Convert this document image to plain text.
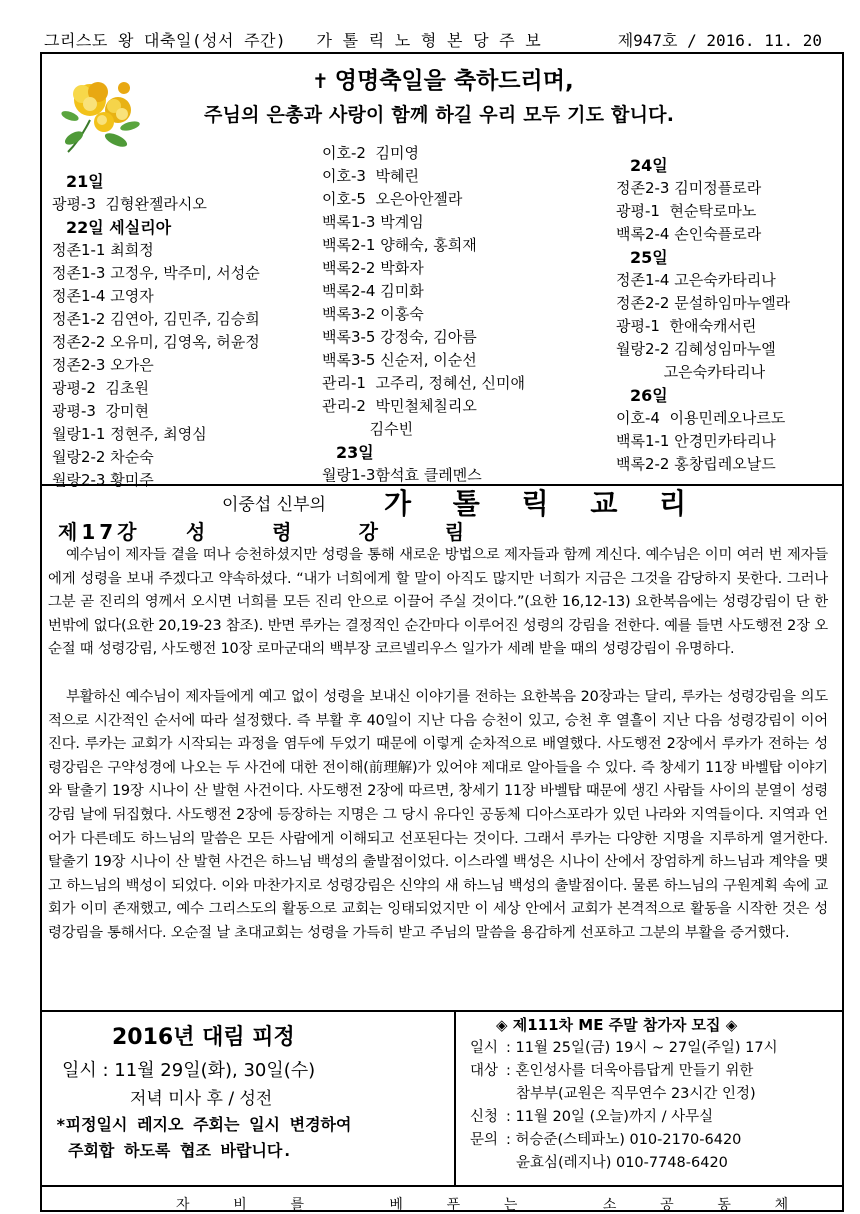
그리스도 왕 대축일(성서 주간)   가 톨 릭 노 형 본 당 주 보	제947호 / 2016. 11. 20
✝ 영명축일을 축하드리며,
주님의 은총과 사랑이 함께 하길 우리 모두 기도 합니다.
21일
광평-3  김형완젤라시오
22일 세실리아
정존1-1 최희정
정존1-3 고정우, 박주미, 서성순
정존1-4 고영자
정존1-2 김연아, 김민주, 김승희
정존2-2 오유미, 김영옥, 허윤정
정존2-3 오가은
광평-2  김초원
광평-3  강미현
월랑1-1 정현주, 최영심
월랑2-2 차순숙
월랑2-3 황미주
이호-2  김미영
이호-3  박혜린
이호-5  오은아안젤라
백록1-3 박계임
백록2-1 양해숙, 홍희재
백록2-2 박화자
백록2-4 김미화
백록3-2 이홍숙
백록3-5 강정숙, 김아름
백록3-5 신순저, 이순선
관리-1  고주리, 정혜선, 신미애
관리-2  박민철체칠리오
김수빈
23일
월랑1-3함석효 클레멘스
24일
정존2-3 김미정플로라
광평-1  현순탁로마노
백록2-4 손인숙플로라
25일
정존1-4 고은숙카타리나
정존2-2 문설하임마누엘라
광평-1  한애숙캐서린
월랑2-2 김혜성임마누엘
고은숙카타리나
26일
이호-4  이용민레오나르도
백록1-1 안경민카타리나
백록2-2 홍창립레오날드
이중섭 신부의 가 톨 릭 교 리
제17강 성 령 강 림
예수님이 제자들 곁을 떠나 승천하셨지만 성령을 통해 새로운 방법으로 제자들과 함께 계신다. 예수님은 이미 여러 번 제자들에게 성령을 보내 주겠다고 약속하셨다. “내가 너희에게 할 말이 아직도 많지만 너희가 지금은 그것을 감당하지 못한다. 그러나 그분 곧 진리의 영께서 오시면 너희를 모든 진리 안으로 이끌어 주실 것이다.”(요한 16,12-13) 요한복음에는 성령강림이 단 한 번밖에 없다(요한 20,19-23 참조). 반면 루카는 결정적인 순간마다 이루어진 성령의 강림을 전한다. 예를 들면 사도행전 2장 오순절 때 성령강림, 사도행전 10장 로마군대의 백부장 코르넬리우스 일가가 세례 받을 때의 성령강림이 유명하다.
부활하신 예수님이 제자들에게 예고 없이 성령을 보내신 이야기를 전하는 요한복음 20장과는 달리, 루카는 성령강림을 의도적으로 시간적인 순서에 따라 설정했다. 즉 부활 후 40일이 지난 다음 승천이 있고, 승천 후 열흘이 지난 다음 성령강림이 이어진다. 루카는 교회가 시작되는 과정을 염두에 두었기 때문에 이렇게 순차적으로 배열했다. 사도행전 2장에서 루카가 전하는 성령강림은 구약성경에 나오는 두 사건에 대한 전이해(前理解)가 있어야 제대로 알아들을 수 있다. 즉 창세기 11장 바벨탑 이야기와 탈출기 19장 시나이 산 발현 사건이다. 사도행전 2장에 따르면, 창세기 11장 바벨탑 때문에 생긴 사람들 사이의 분열이 성령강림 날에 뒤집혔다. 사도행전 2장에 등장하는 지명은 그 당시 유다인 공동체 디아스포라가 있던 나라와 지역들이다. 지역과 언어가 다른데도 하느님의 말씀은 모든 사람에게 이해되고 선포된다는 것이다. 그래서 루카는 다양한 지명을 지루하게 열거한다. 탈출기 19장 시나이 산 발현 사건은 하느님 백성의 출발점이었다. 이스라엘 백성은 시나이 산에서 장엄하게 하느님과 계약을 맺고 하느님의 백성이 되었다. 이와 마찬가지로 성령강림은 신약의 새 하느님 백성의 출발점이다. 물론 하느님의 구원계획 속에 교회가 이미 존재했고, 예수 그리스도의 활동으로 교회는 잉태되었지만 이 세상 안에서 교회가 본격적으로 활동을 시작한 것은 성령강림을 통해서다. 오순절 날 초대교회는 성령을 가득히 받고 주님의 말씀을 용감하게 선포하고 그분의 부활을 증거했다.
2016년 대림 피정
일시 : 11월 29일(화), 30일(수)
저녁 미사 후 / 성전
*피정일시 레지오 주회는 일시 변경하여
주회합 하도록 협조 바랍니다.
◈ 제111차 ME 주말 참가자 모집 ◈
일시 : 11월 25일(금) 19시 ~ 27일(주일) 17시
대상 : 혼인성사를 더욱아름답게 만들기 위한
참부부(교원은 직무연수 23시간 인정)
신청 : 11월 20일 (오늘)까지 / 사무실
문의 : 허승준(스테파노) 010-2170-6420
윤효심(레지나) 010-7748-6420
자    비    를        베    푸    는        소    공    동    체
